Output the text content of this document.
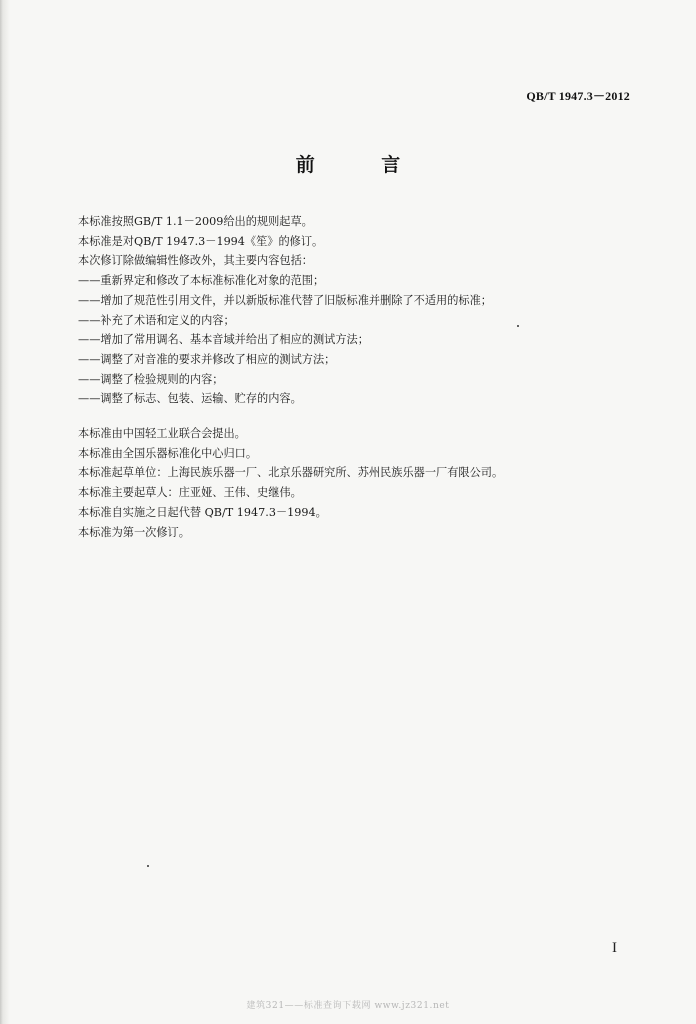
QB/T 1947.3－2012
前 言

本标准按照GB/T 1.1－2009给出的规则起草。

本标准是对QB/T 1947.3－1994《笙》的修订。

本次修订除做编辑性修改外，其主要内容包括：

——重新界定和修改了本标准标准化对象的范围；

——增加了规范性引用文件，并以新版标准代替了旧版标准并删除了不适用的标准；

——补充了术语和定义的内容；

——增加了常用调名、基本音域并给出了相应的测试方法；

——调整了对音准的要求并修改了相应的测试方法；

——调整了检验规则的内容；

——调整了标志、包装、运输、贮存的内容。

本标准由中国轻工业联合会提出。

本标准由全国乐器标准化中心归口。

本标准起草单位：上海民族乐器一厂、北京乐器研究所、苏州民族乐器一厂有限公司。

本标准主要起草人：庄亚娅、王伟、史继伟。

本标准自实施之日起代替 QB/T 1947.3－1994。

本标准为第一次修订。

I
建筑321——标准查询下载网 www.jz321.net
